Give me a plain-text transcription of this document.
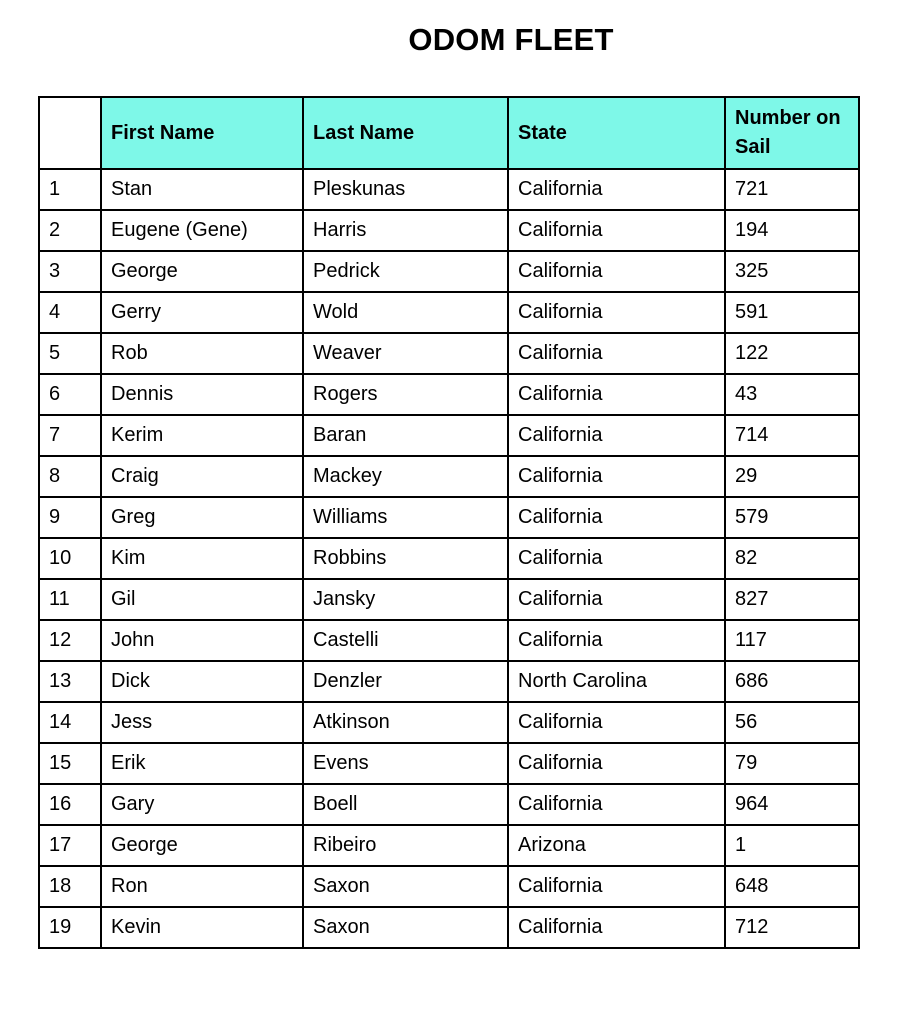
ODOM FLEET
	First Name	Last Name	State	Number on Sail
1	Stan	Pleskunas	California	721
2	Eugene (Gene)	Harris	California	194
3	George	Pedrick	California	325
4	Gerry	Wold	California	591
5	Rob	Weaver	California	122
6	Dennis	Rogers	California	43
7	Kerim	Baran	California	714
8	Craig	Mackey	California	29
9	Greg	Williams	California	579
10	Kim	Robbins	California	82
11	Gil	Jansky	California	827
12	John	Castelli	California	117
13	Dick	Denzler	North Carolina	686
14	Jess	Atkinson	California	56
15	Erik	Evens	California	79
16	Gary	Boell	California	964
17	George	Ribeiro	Arizona	1
18	Ron	Saxon	California	648
19	Kevin	Saxon	California	712
